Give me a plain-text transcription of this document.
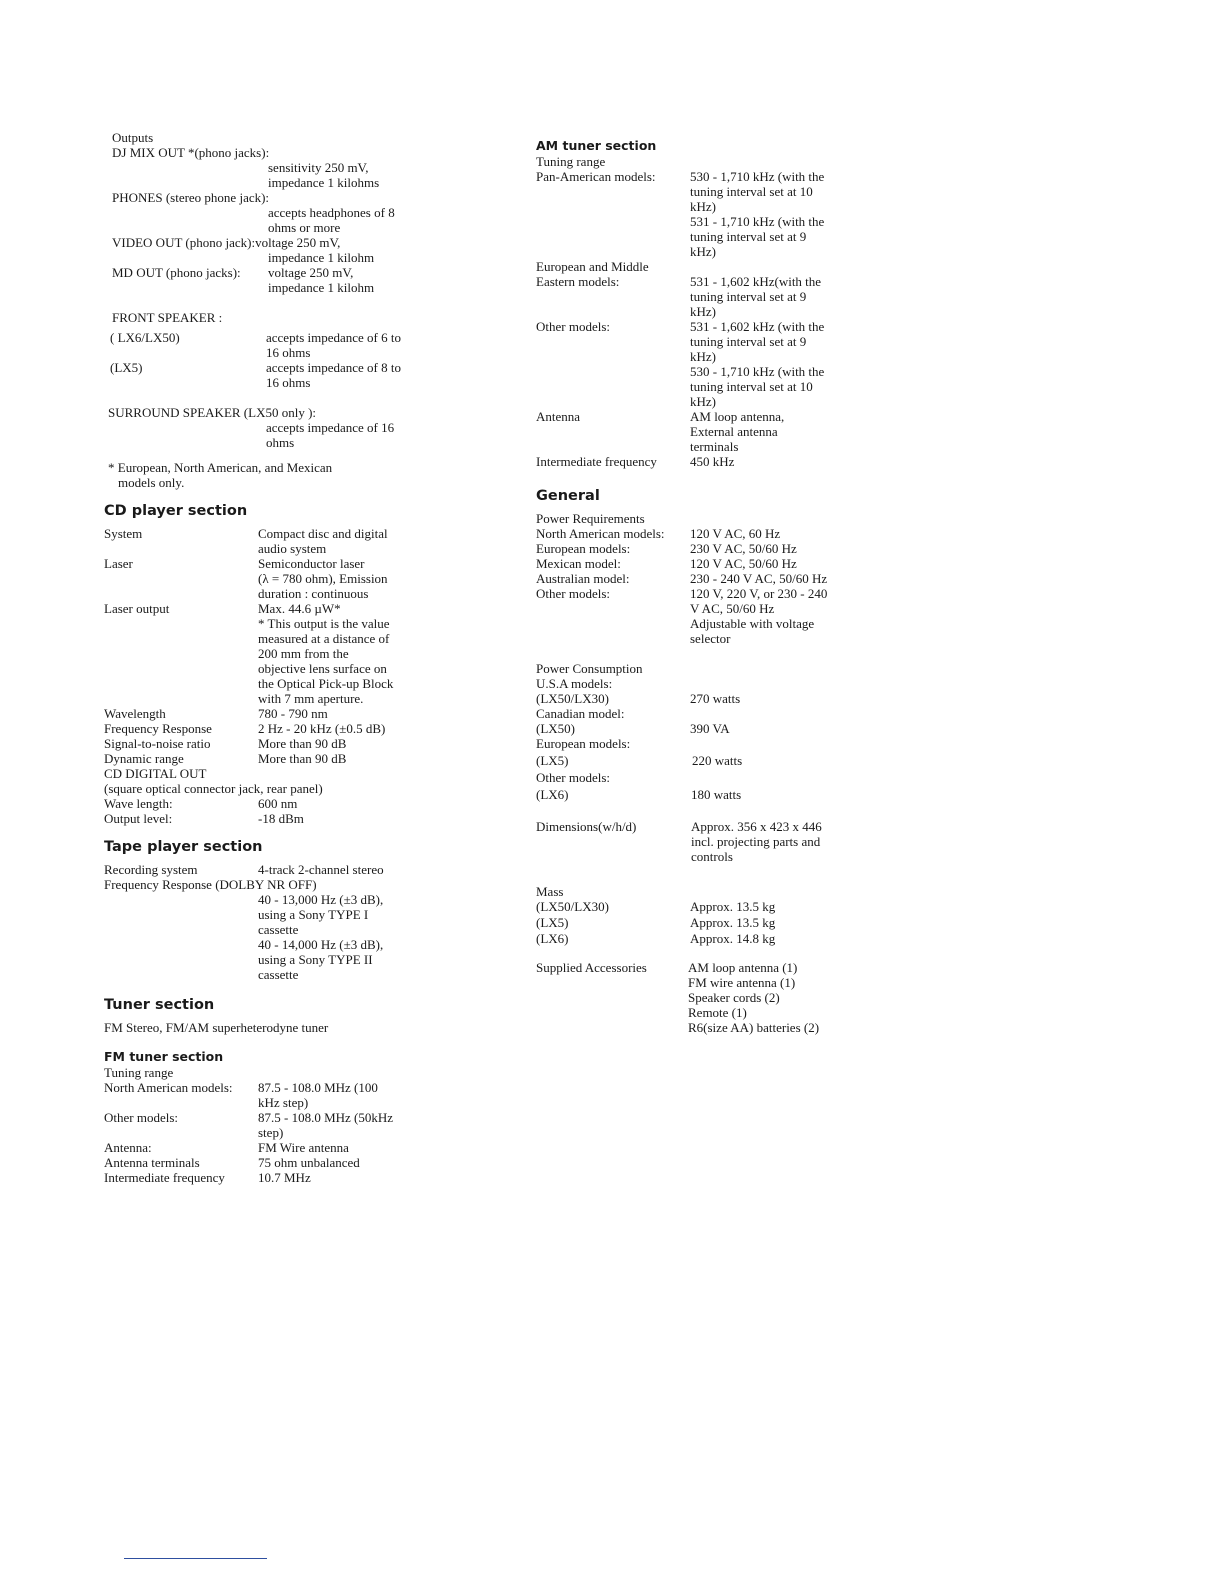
Outputs
DJ MIX OUT *(phono jacks):
sensitivity 250 mV,
impedance 1 kilohms
PHONES (stereo phone jack):
accepts headphones of 8
ohms or more
VIDEO OUT (phono jack): voltage 250 mV,
impedance 1 kilohm
MD OUT (phono jacks):	voltage 250 mV,
impedance 1 kilohm
FRONT SPEAKER :
( LX6/LX50)	accepts impedance of 6 to
16 ohms
(LX5)	accepts impedance of 8 to
16 ohms
SURROUND SPEAKER (LX50 only ):
accepts impedance of 16
ohms
* European, North American, and Mexican
models only.
CD player section
System	Compact disc and digital
audio system
Laser	Semiconductor laser
(λ = 780 ohm), Emission
duration : continuous
Laser output	Max. 44.6 µW*
* This output is the value
measured at a distance of
200 mm from the
objective lens surface on
the Optical Pick-up Block
with 7 mm aperture.
Wavelength	780 - 790 nm
Frequency Response	2 Hz - 20 kHz (±0.5 dB)
Signal-to-noise ratio	More than 90 dB
Dynamic range	More than 90 dB
CD DIGITAL OUT
(square optical connector jack, rear panel)
Wave length:	600 nm
Output level:	-18 dBm
Tape player section
Recording system	4-track 2-channel stereo
Frequency Response (DOLBY NR OFF)
40 - 13,000 Hz (±3 dB),
using a Sony TYPE I
cassette
40 - 14,000 Hz (±3 dB),
using a Sony TYPE II
cassette
Tuner section
FM Stereo, FM/AM superheterodyne tuner
FM tuner section
Tuning range
North American models:	87.5 - 108.0 MHz (100
kHz step)
Other models:	87.5 - 108.0 MHz (50kHz
step)
Antenna:	FM Wire antenna
Antenna terminals	75 ohm unbalanced
Intermediate frequency	10.7 MHz
AM tuner section
Tuning range
Pan-American models:	530 - 1,710 kHz (with the
tuning interval set at 10
kHz)
531 - 1,710 kHz (with the
tuning interval set at 9
kHz)
European and Middle
Eastern models:	531 - 1,602 kHz(with the
tuning interval set at 9
kHz)
Other models:	531 - 1,602 kHz (with the
tuning interval set at 9
kHz)
530 - 1,710 kHz (with the
tuning interval set at 10
kHz)
Antenna	AM loop antenna,
External antenna
terminals
Intermediate frequency	450 kHz
General
Power Requirements
North American models:	120 V AC, 60 Hz
European models:	230 V AC, 50/60 Hz
Mexican model:	120 V AC, 50/60 Hz
Australian model:	230 - 240 V AC, 50/60 Hz
Other models:	120 V, 220 V, or 230 - 240
V AC, 50/60 Hz
Adjustable with voltage
selector
Power Consumption
U.S.A models:
(LX50/LX30)	270 watts
Canadian model:
(LX50)	390 VA
European models:
(LX5)	220 watts
Other models:
(LX6)	180 watts
Dimensions(w/h/d)	Approx. 356 x 423 x 446
incl. projecting parts and
controls
Mass
(LX50/LX30)	Approx. 13.5 kg
(LX5)	Approx. 13.5 kg
(LX6)	Approx. 14.8 kg
Supplied Accessories	AM loop antenna (1)
FM wire antenna (1)
Speaker cords (2)
Remote (1)
R6(size AA) batteries (2)
